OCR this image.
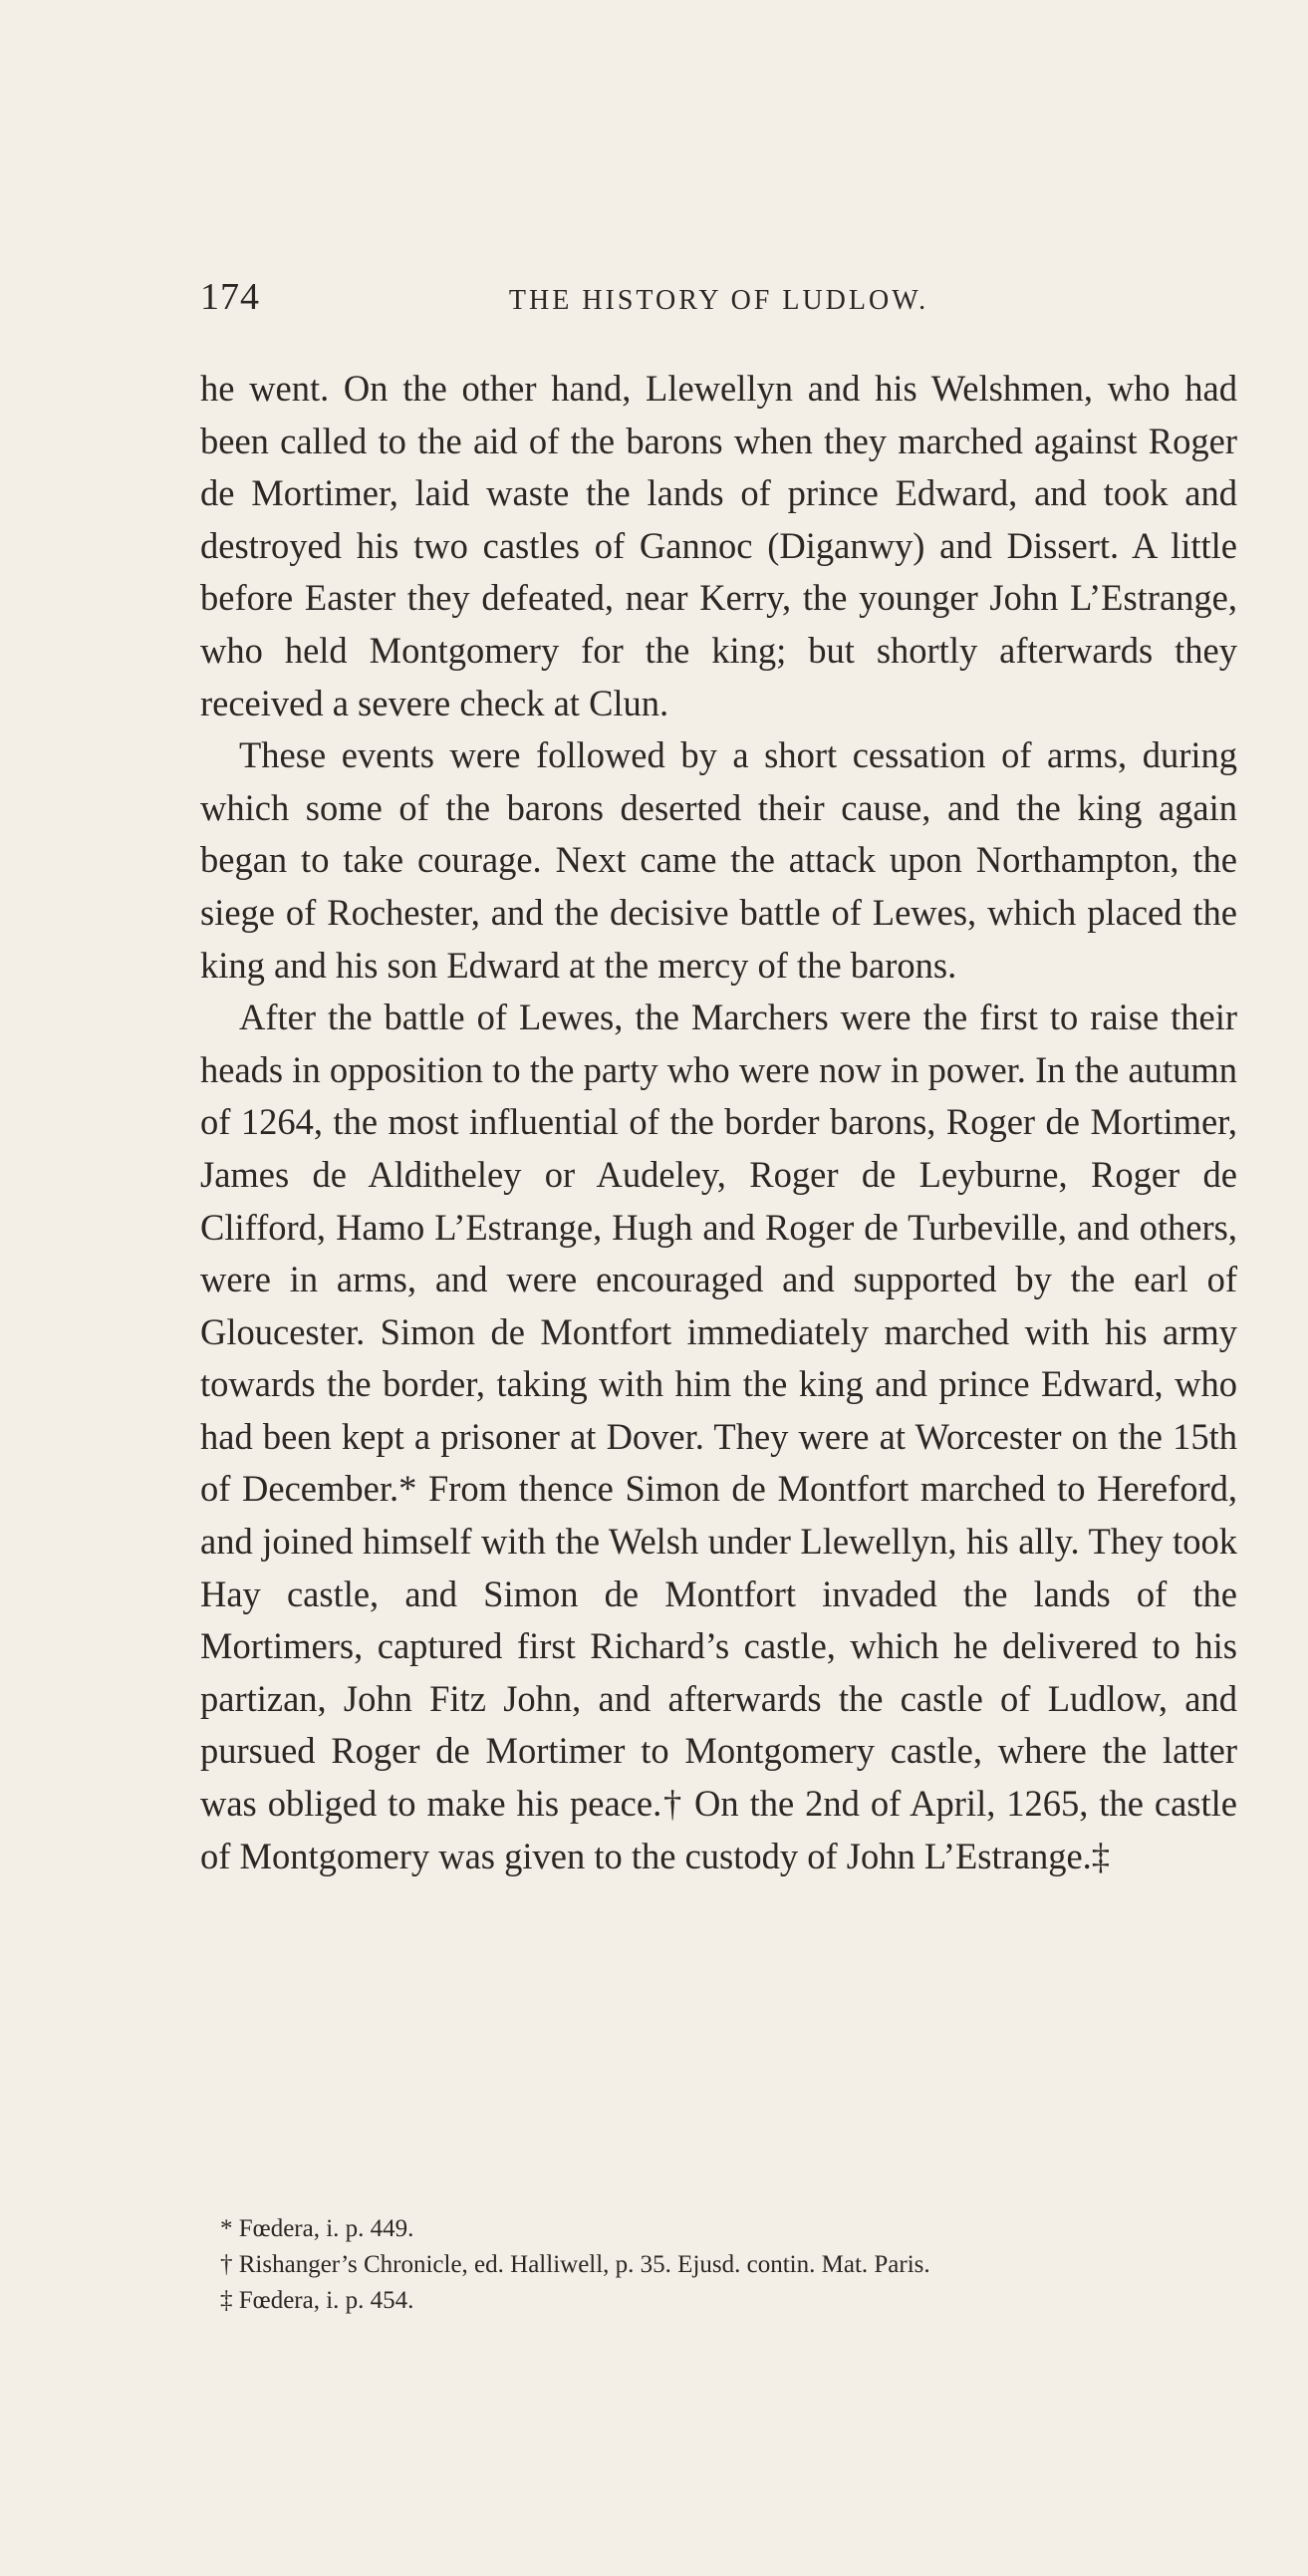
174	THE HISTORY OF LUDLOW.

he went. On the other hand, Llewellyn and his Welshmen, who had been called to the aid of the barons when they marched against Roger de Mortimer, laid waste the lands of prince Edward, and took and destroyed his two castles of Gannoc (Diganwy) and Dissert. A little before Easter they defeated, near Kerry, the younger John L’Estrange, who held Montgomery for the king; but shortly afterwards they received a severe check at Clun.

These events were followed by a short cessation of arms, during which some of the barons deserted their cause, and the king again began to take courage. Next came the attack upon Northampton, the siege of Rochester, and the decisive battle of Lewes, which placed the king and his son Edward at the mercy of the barons.

After the battle of Lewes, the Marchers were the first to raise their heads in opposition to the party who were now in power. In the autumn of 1264, the most influential of the border barons, Roger de Mortimer, James de Alditheley or Audeley, Roger de Leyburne, Roger de Clifford, Hamo L’Estrange, Hugh and Roger de Turbeville, and others, were in arms, and were encouraged and supported by the earl of Gloucester. Simon de Montfort immediately marched with his army towards the border, taking with him the king and prince Edward, who had been kept a prisoner at Dover. They were at Worcester on the 15th of December.* From thence Simon de Montfort marched to Hereford, and joined himself with the Welsh under Llewellyn, his ally. They took Hay castle, and Simon de Montfort invaded the lands of the Mortimers, captured first Richard’s castle, which he delivered to his partizan, John Fitz John, and afterwards the castle of Ludlow, and pursued Roger de Mortimer to Montgomery castle, where the latter was obliged to make his peace.† On the 2nd of April, 1265, the castle of Montgomery was given to the custody of John L’Estrange.‡

* Fœdera, i. p. 449.
† Rishanger’s Chronicle, ed. Halliwell, p. 35. Ejusd. contin. Mat. Paris.
‡ Fœdera, i. p. 454.
